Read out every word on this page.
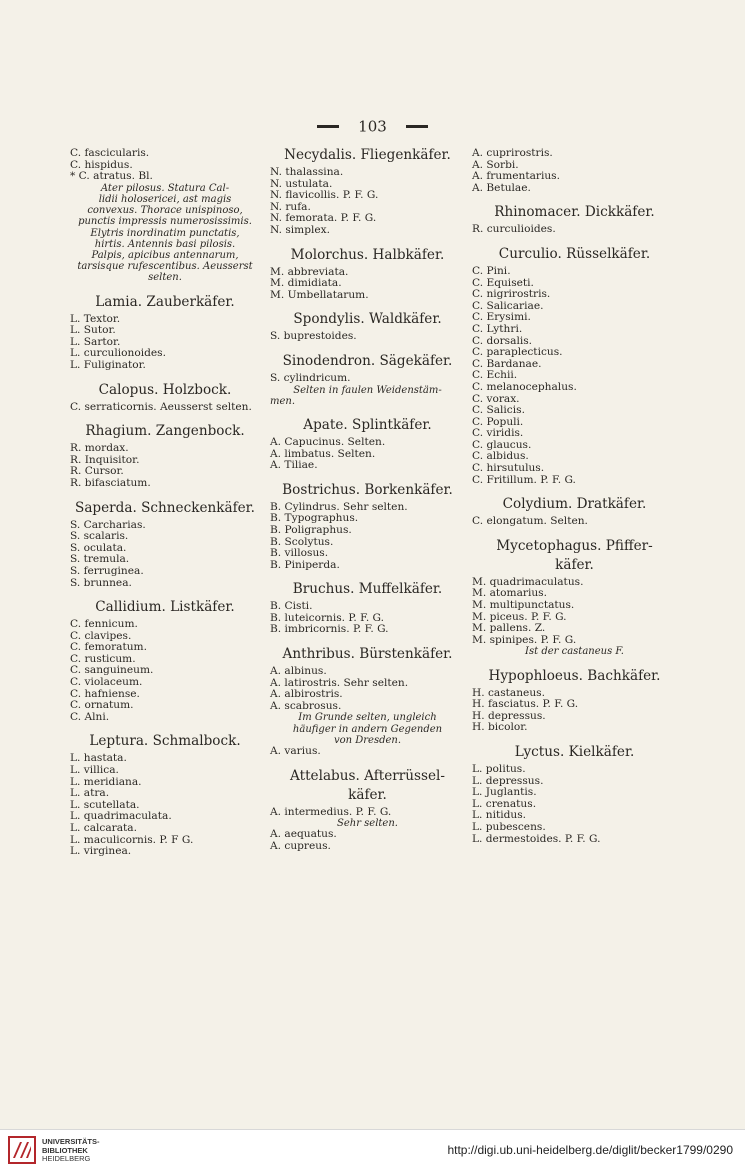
103
C. fascicularis.
C. hispidus.
* C. atratus. Bl.
Ater pilosus. Statura Cal-
lidii holosericei, ast magis
convexus. Thorace unispinoso,
punctis impressis numerosissimis.
Elytris inordinatim punctatis,
hirtis. Antennis basi pilosis.
Palpis, apicibus antennarum,
tarsisque rufescentibus. Aeusserst
selten.
Lamia. Zauberkäfer.
L. Textor.
L. Sutor.
L. Sartor.
L. curculionoides.
L. Fuliginator.
Calopus. Holzbock.
C. serraticornis. Aeusserst selten.
Rhagium. Zangenbock.
R. mordax.
R. Inquisitor.
R. Cursor.
R. bifasciatum.
Saperda. Schneckenkäfer.
S. Carcharias.
S. scalaris.
S. oculata.
S. tremula.
S. ferruginea.
S. brunnea.
Callidium. Listkäfer.
C. fennicum.
C. clavipes.
C. femoratum.
C. rusticum.
C. sanguineum.
C. violaceum.
C. hafniense.
C. ornatum.
C. Alni.
Leptura. Schmalbock.
L. hastata.
L. villica.
L. meridiana.
L. atra.
L. scutellata.
L. quadrimaculata.
L. calcarata.
L. maculicornis. P. F G.
L. virginea.
Necydalis. Fliegenkäfer.
N. thalassina.
N. ustulata.
N. flavicollis. P. F. G.
N. rufa.
N. femorata. P. F. G.
N. simplex.
Molorchus. Halbkäfer.
M. abbreviata.
M. dimidiata.
M. Umbellatarum.
Spondylis. Waldkäfer.
S. buprestoides.
Sinodendron. Sägekäfer.
S. cylindricum.
Selten in faulen Weidenstäm-
men.
Apate. Splintkäfer.
A. Capucinus. Selten.
A. limbatus. Selten.
A. Tiliae.
Bostrichus. Borkenkäfer.
B. Cylindrus. Sehr selten.
B. Typographus.
B. Poligraphus.
B. Scolytus.
B. villosus.
B. Piniperda.
Bruchus. Muffelkäfer.
B. Cisti.
B. luteicornis. P. F. G.
B. imbricornis. P. F. G.
Anthribus. Bürstenkäfer.
A. albinus.
A. latirostris. Sehr selten.
A. albirostris.
A. scabrosus.
Im Grunde selten, ungleich
häufiger in andern Gegenden
von Dresden.
A. varius.
Attelabus. Afterrüssel-
käfer.
A. intermedius. P. F. G.
Sehr selten.
A. aequatus.
A. cupreus.
A. cuprirostris.
A. Sorbi.
A. frumentarius.
A. Betulae.
Rhinomacer. Dickkäfer.
R. curculioides.
Curculio. Rüsselkäfer.
C. Pini.
C. Equiseti.
C. nigrirostris.
C. Salicariae.
C. Erysimi.
C. Lythri.
C. dorsalis.
C. paraplecticus.
C. Bardanae.
C. Echii.
C. melanocephalus.
C. vorax.
C. Salicis.
C. Populi.
C. viridis.
C. glaucus.
C. albidus.
C. hirsutulus.
C. Fritillum. P. F. G.
Colydium. Dratkäfer.
C. elongatum. Selten.
Mycetophagus. Pfiffer-
käfer.
M. quadrimaculatus.
M. atomarius.
M. multipunctatus.
M. piceus. P. F. G.
M. pallens. Z.
M. spinipes. P. F. G.
Ist der castaneus F.
Hypophloeus. Bachkäfer.
H. castaneus.
H. fasciatus. P. F. G.
H. depressus.
H. bicolor.
Lyctus. Kielkäfer.
L. politus.
L. depressus.
L. Juglantis.
L. crenatus.
L. nitidus.
L. pubescens.
L. dermestoides. P. F. G.
UNIVERSITÄTS-
BIBLIOTHEK
HEIDELBERG
http://digi.ub.uni-heidelberg.de/diglit/becker1799/0290
